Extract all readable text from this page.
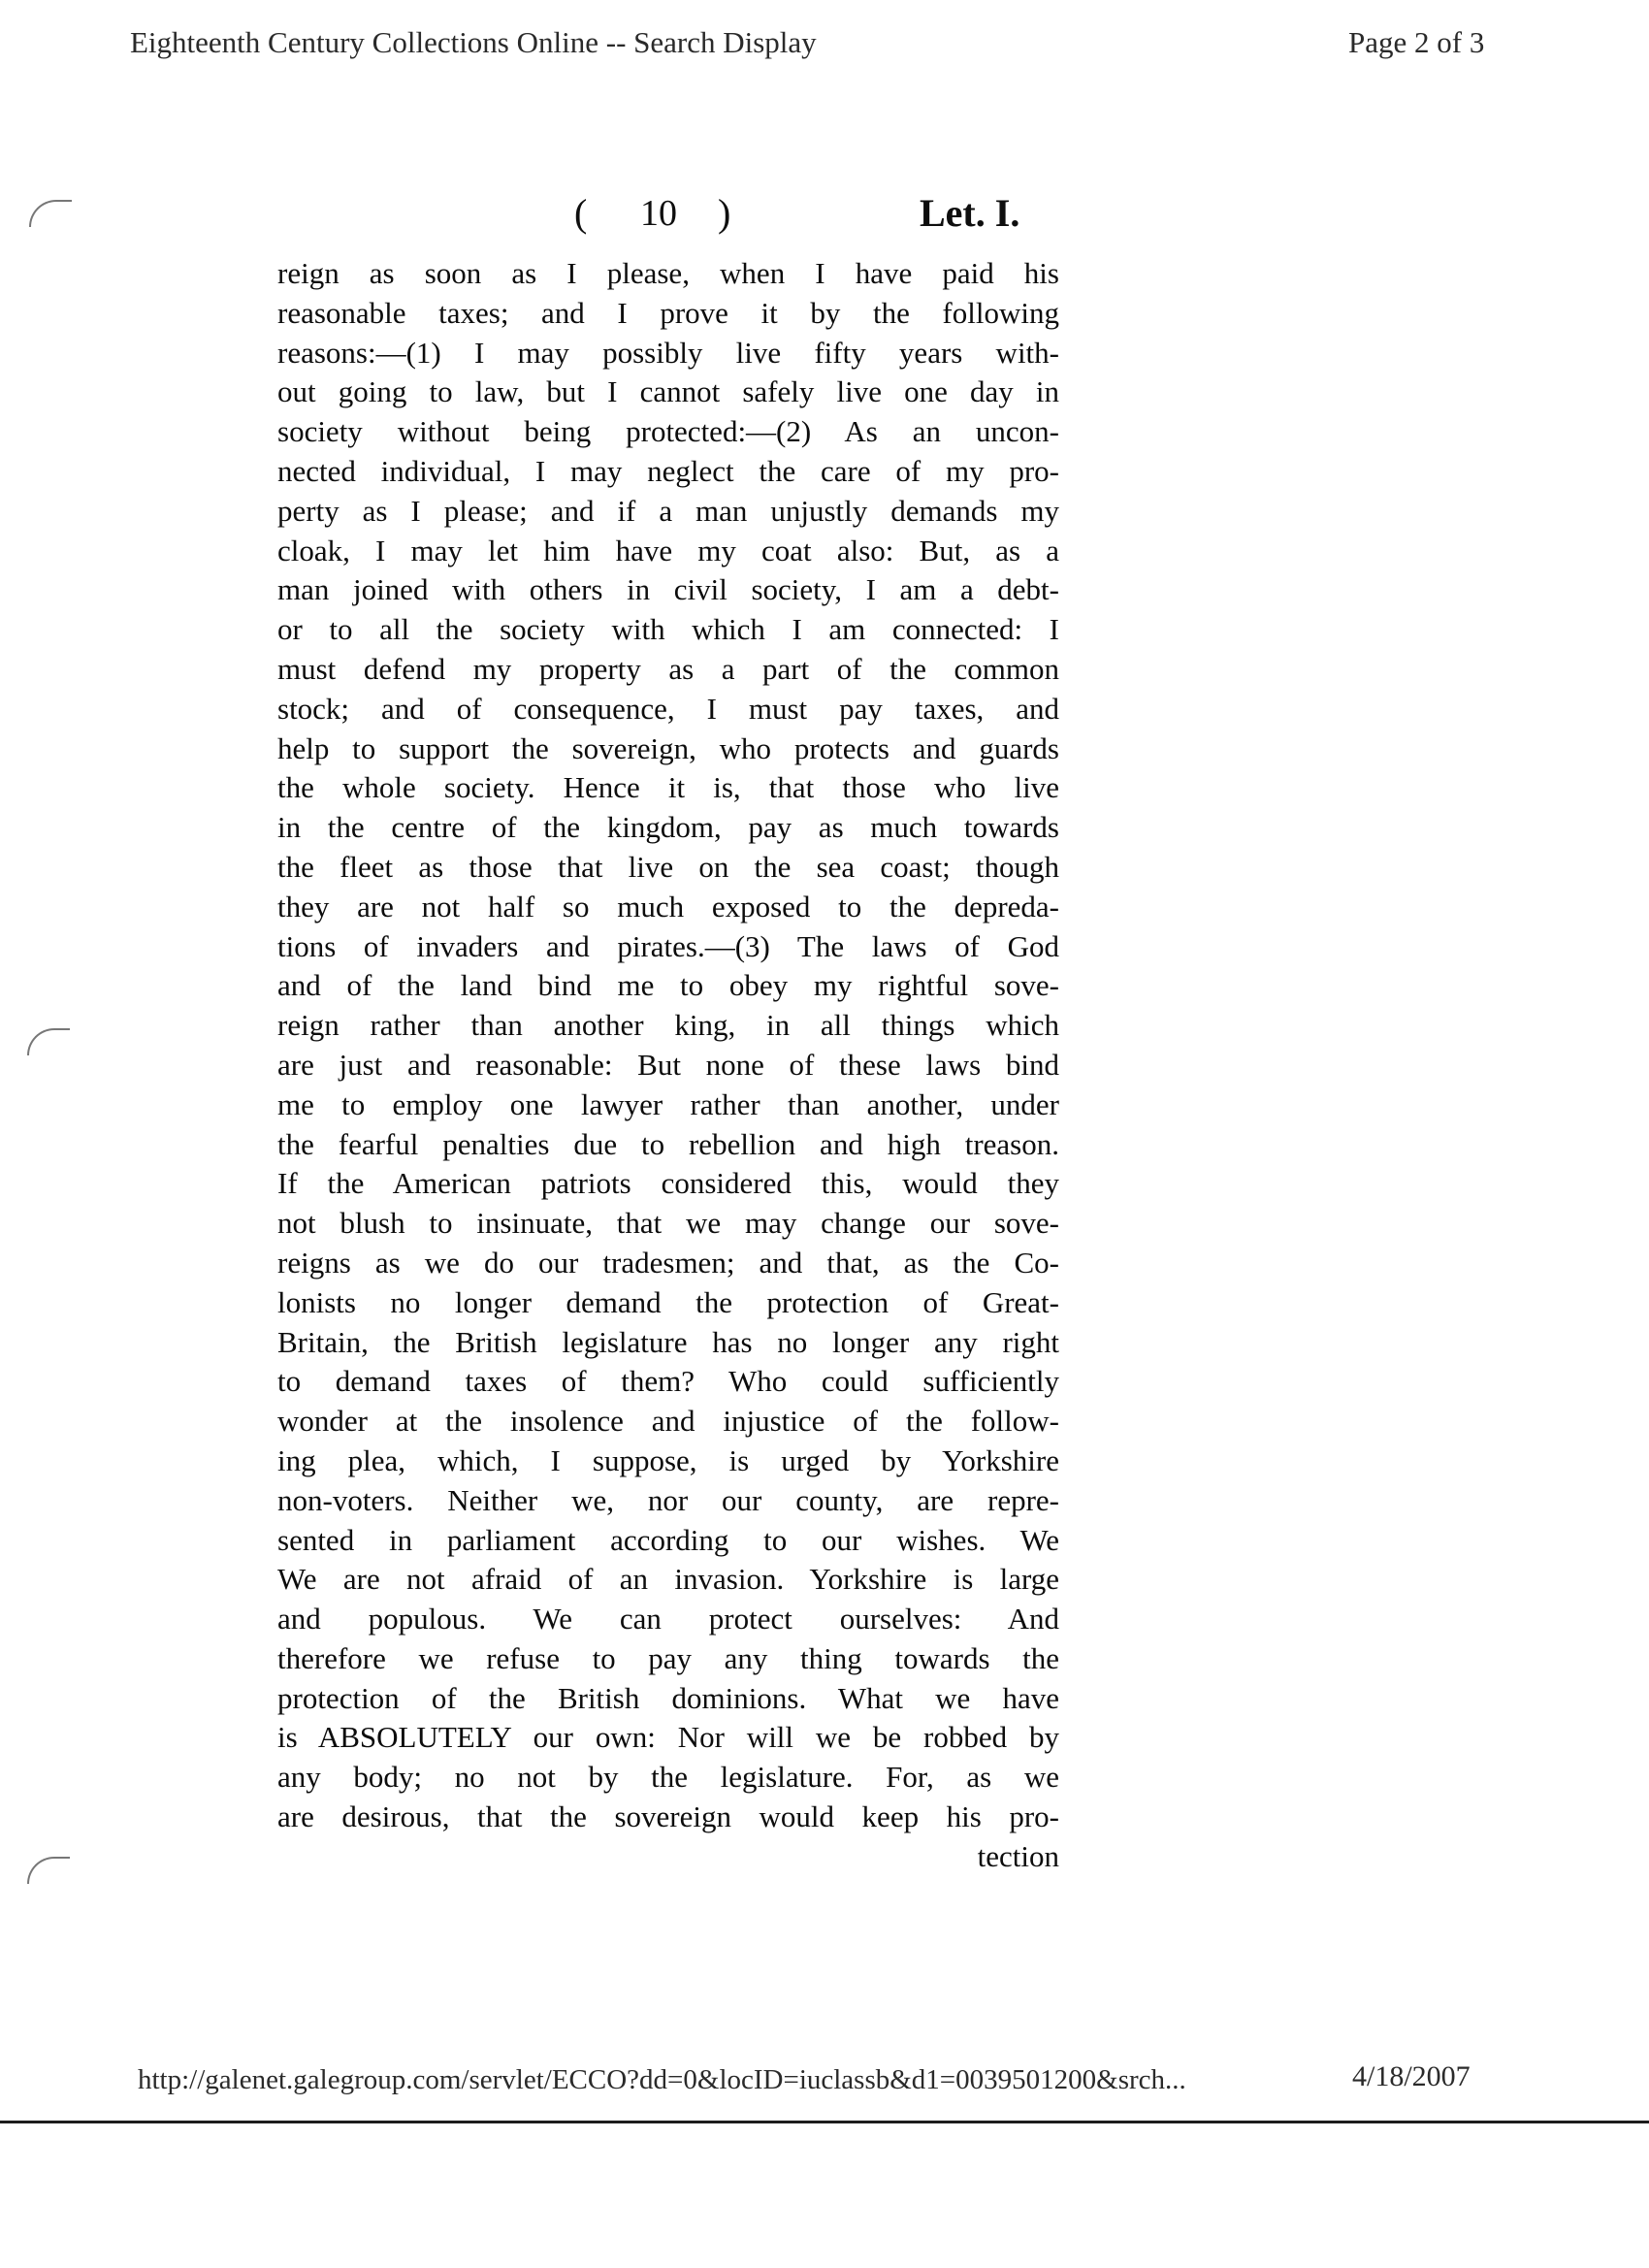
Eighteenth Century Collections Online -- Search Display	Page 2 of 3
( 10 )	Let. I.
reign as soon as I please, when I have paid his
reasonable taxes; and I prove it by the following
reasons:—(1) I may possibly live fifty years with-
out going to law, but I cannot safely live one day in
society without being protected:—(2) As an uncon-
nected individual, I may neglect the care of my pro-
perty as I please; and if a man unjustly demands my
cloak, I may let him have my coat also: But, as a
man joined with others in civil society, I am a debt-
or to all the society with which I am connected: I
must defend my property as a part of the common
stock; and of consequence, I must pay taxes, and
help to support the sovereign, who protects and guards
the whole society. Hence it is, that those who live
in the centre of the kingdom, pay as much towards
the fleet as those that live on the sea coast; though
they are not half so much exposed to the depreda-
tions of invaders and pirates.—(3) The laws of God
and of the land bind me to obey my rightful sove-
reign rather than another king, in all things which
are just and reasonable: But none of these laws bind
me to employ one lawyer rather than another, under
the fearful penalties due to rebellion and high treason.
If the American patriots considered this, would they
not blush to insinuate, that we may change our sove-
reigns as we do our tradesmen; and that, as the Co-
lonists no longer demand the protection of Great-
Britain, the British legislature has no longer any right
to demand taxes of them? Who could sufficiently
wonder at the insolence and injustice of the follow-
ing plea, which, I suppose, is urged by Yorkshire
non-voters. Neither we, nor our county, are repre-
sented in parliament according to our wishes. We
We are not afraid of an invasion. Yorkshire is large
and populous. We can protect ourselves: And
therefore we refuse to pay any thing towards the
protection of the British dominions. What we have
is ABSOLUTELY our own: Nor will we be robbed by
any body; no not by the legislature. For, as we
are desirous, that the sovereign would keep his pro-
tection
http://galenet.galegroup.com/servlet/ECCO?dd=0&locID=iuclassb&d1=0039501200&srch...	4/18/2007
